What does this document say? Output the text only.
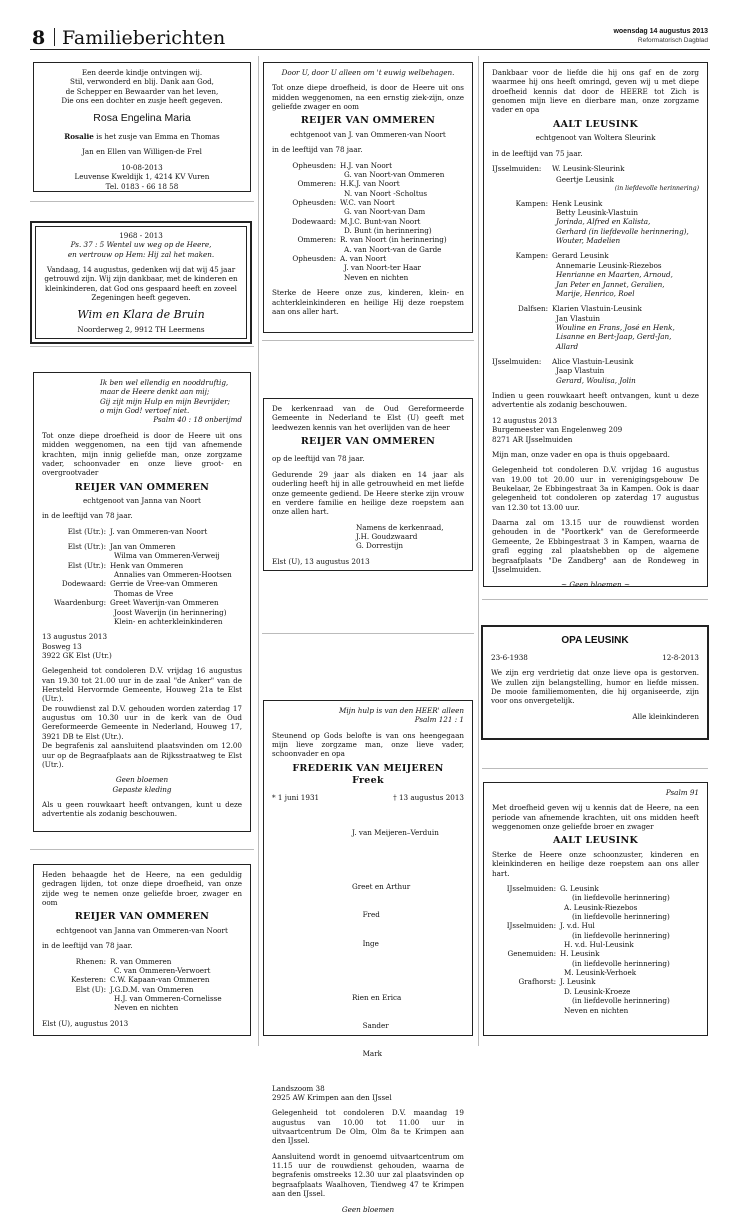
8 Familieberichten	woensdag 14 augustus 2013
Reformatorisch Dagblad
Een deerde kindje ontvingen wij.
Stil, verwonderd en blij. Dank aan God,
de Schepper en Bewaarder van het leven,
Die ons een dochter en zusje heeft gegeven.
Rosa Engelina Maria
Rosalie is het zusje van Emma en Thomas
Jan en Ellen van Willigen-de Frel
10-08-2013
Leuvense Kweldijk 1, 4214 KV Vuren
Tel. 0183 - 66 18 58
1968 - 2013
Ps. 37 : 5 Wentel uw weg op de Heere,
en vertrouw op Hem: Hij zal het maken.
Vandaag, 14 augustus, gedenken wij dat wij 45 jaar getrouwd zijn. Wij zijn dankbaar, met de kinderen en kleinkinderen, dat God ons gespaard heeft en zoveel Zegeningen heeft gegeven.
Wim en Klara de Bruin
Noorderweg 2, 9912 TH Leermens
Ik ben wel ellendig en nooddruftig,
maar de Heere denkt aan mij;
Gij zijt mijn Hulp en mijn Bevrijder;
o mijn God! vertoef niet.
Psalm 40 : 18 onberijmd
Tot onze diepe droefheid is door de Heere uit ons midden weggenomen, na een tijd van afnemende krachten, mijn innig geliefde man, onze zorgzame vader, schoonvader en onze lieve groot- en overgrootvader
REIJER VAN OMMEREN
echtgenoot van Janna van Noort
in de leeftijd van 78 jaar.
Elst (Utr.): J. van Ommeren-van Noort
Elst (Utr.): Jan van Ommeren
Wilma van Ommeren-Verweij
Elst (Utr.): Henk van Ommeren
Annalies van Ommeren-Hootsen
Dodewaard: Gerrie de Vree-van Ommeren
Thomas de Vree
Waardenburg: Greet Waverijn-van Ommeren
Joost Waverijn (in herinnering)
Klein- en achterkleinkinderen
13 augustus 2013
Bosweg 13
3922 GK Elst (Utr.)
Gelegenheid tot condoleren D.V. vrijdag 16 augustus van 19.30 tot 21.00 uur in de zaal "de Anker" van de Hersteld Hervormde Gemeente, Houweg 21a te Elst (Utr.).
De rouwdienst zal D.V. gehouden worden zaterdag 17 augustus om 10.30 uur in de kerk van de Oud Gereformeerde Gemeente in Nederland, Houweg 17, 3921 DB te Elst (Utr.).
De begrafenis zal aansluitend plaatsvinden om 12.00 uur op de Begraafplaats aan de Rijksstraatweg te Elst (Utr.).
Geen bloemen
Gepaste kleding
Als u geen rouwkaart heeft ontvangen, kunt u deze advertentie als zodanig beschouwen.
Heden behaagde het de Heere, na een geduldig gedragen lijden, tot onze diepe droefheid, van onze zijde weg te nemen onze geliefde broer, zwager en oom
REIJER VAN OMMEREN
echtgenoot van Janna van Ommeren-van Noort
in de leeftijd van 78 jaar.
Rhenen: R. van Ommeren
C. van Ommeren-Verwoert
Kesteren: C.W. Kapaan-van Ommeren
Elst (U): J.G.D.M. van Ommeren
H.J. van Ommeren-Cornelisse
Neven en nichten
Elst (U), augustus 2013
Door U, door U alleen om 't euwig welbehagen.
Tot onze diepe droefheid, is door de Heere uit ons midden weggenomen, na een ernstig ziek-zijn, onze geliefde zwager en oom
REIJER VAN OMMEREN
echtgenoot van J. van Ommeren-van Noort
in de leeftijd van 78 jaar.
Opheusden: H.J. van Noort
G. van Noort-van Ommeren
Ommeren: H.K.J. van Noort
N. van Noort -Scholtus
Opheusden: W.C. van Noort
G. van Noort-van Dam
Dodewaard: M.J.C. Bunt-van Noort
D. Bunt (in herinnering)
Ommeren: R. van Noort (in herinnering)
A. van Noort-van de Garde
Opheusden: A. van Noort
J. van Noort-ter Haar
Neven en nichten
Sterke de Heere onze zus, kinderen, klein- en achterkleinkinderen en heilige Hij deze roepstem aan ons aller hart.
De kerkenraad van de Oud Gereformeerde Gemeente in Nederland te Elst (U) geeft met leedwezen kennis van het overlijden van de heer
REIJER VAN OMMEREN
op de leeftijd van 78 jaar.
Gedurende 29 jaar als diaken en 14 jaar als ouderling heeft hij in alle getrouwheid en met liefde onze gemeente gediend. De Heere sterke zijn vrouw en verdere familie en heilige deze roepstem aan onze allen hart.
Namens de kerkenraad,
J.H. Goudzwaard
G. Dorrestijn
Elst (U), 13 augustus 2013
Mijn hulp is van den HEER' alleen
Psalm 121 : 1
Steunend op Gods belofte is van ons heengegaan mijn lieve zorgzame man, onze lieve vader, schoonvader en opa
FREDERIK VAN MEIJEREN
Freek
* 1 juni 1931	† 13 augustus 2013

J. van Meijeren–Verduin

Greet en Arthur

Fred

Inge

Rien en Erica

Sander

Mark

Landszoom 38
2925 AW Krimpen aan den IJssel
Gelegenheid tot condoleren D.V. maandag 19 augustus van 10.00 tot 11.00 uur in uitvaartcentrum De Olm, Olm 8a te Krimpen aan den IJssel.
Aansluitend wordt in genoemd uitvaartcentrum om 11.15 uur de rouwdienst gehouden, waarna de begrafenis omstreeks 12.30 uur zal plaatsvinden op begraafplaats Waalhoven, Tiendweg 47 te Krimpen aan den IJssel.
Geen bloemen
Dankbaar voor de liefde die hij ons gaf en de zorg waarmee hij ons heeft omringd, geven wij u met diepe droefheid kennis dat door de HEERE tot Zich is genomen mijn lieve en dierbare man, onze zorgzame vader en opa
AALT LEUSINK
echtgenoot van Woltera Sleurink
in de leeftijd van 75 jaar.
IJsselmuiden:	W. Leusink-Sleurink
Geertje Leusink
(in liefdevolle herinnering)
Kampen: Henk Leusink
Betty Leusink-Vlastuin
Jorinda, Alfred en Kalista,
Gerhard (in liefdevolle herinnering),
Wouter, Madelien
Kampen: Gerard Leusink
Annemarie Leusink-Riezebos
Henrianne en Maarten, Arnoud,
Jan Peter en Jannet, Geralien,
Marije, Henrico, Roel
Dalfsen: Klarien Vlastuin-Leusink
Jan Vlastuin
Wouline en Frans, José en Henk,
Lisanne en Bert-Jaap, Gerd-Jan,
Allard
IJsselmuiden:	Alice Vlastuin-Leusink
Jaap Vlastuin
Gerard, Woulisa, Jolin
Indien u geen rouwkaart heeft ontvangen, kunt u deze advertentie als zodanig beschouwen.
12 augustus 2013
Burgemeester van Engelenweg 209
8271 AR IJsselmuiden
Mijn man, onze vader en opa is thuis opgebaard.
Gelegenheid tot condoleren D.V. vrijdag 16 augustus van 19.00 tot 20.00 uur in verenigingsgebouw De Beukelaar, 2e Ebbingestraat 3a in Kampen. Ook is daar gelegenheid tot condoleren op zaterdag 17 augustus van 12.30 tot 13.00 uur.
Daarna zal om 13.15 uur de rouwdienst worden gehouden in de "Poortkerk" van de Gereformeerde Gemeente, 2e Ebbingestraat 3 in Kampen, waarna de grafl egging zal plaatshebben op de algemene begraafplaats "De Zandberg" aan de Rondeweg in IJsselmuiden.
~ Geen bloemen ~
OPA LEUSINK
23-6-1938	12-8-2013
We zijn erg verdrietig dat onze lieve opa is gestorven. We zullen zijn belangstelling, humor en liefde missen. De mooie familiemomenten, die hij organiseerde, zijn voor ons onvergetelijk.
Alle kleinkinderen
Psalm 91
Met droefheid geven wij u kennis dat de Heere, na een periode van afnemende krachten, uit ons midden heeft weggenomen onze geliefde broer en zwager
AALT LEUSINK
Sterke de Heere onze schoonzuster, kinderen en kleinkinderen en heilige deze roepstem aan ons aller hart.
IJsselmuiden: G. Leusink
(in liefdevolle herinnering)
A. Leusink-Riezebos
(in liefdevolle herinnering)
IJsselmuiden: J. v.d. Hul
(in liefdevolle herinnering)
H. v.d. Hul-Leusink
Genemuiden: H. Leusink
(in liefdevolle herinnering)
M. Leusink-Verhoek
Grafhorst: J. Leusink
D. Leusink-Kroeze
(in liefdevolle herinnering)
Neven en nichten
